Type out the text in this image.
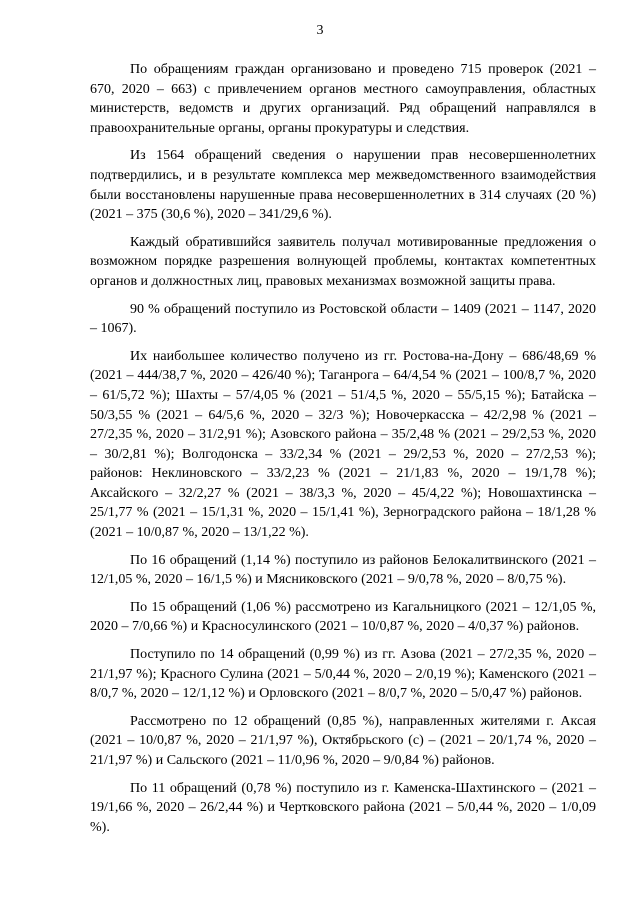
3

По обращениям граждан организовано и проведено 715 проверок (2021 – 670, 2020 – 663) с привлечением органов местного самоуправления, областных министерств, ведомств и других организаций. Ряд обращений направлялся в правоохранительные органы, органы прокуратуры и следствия.

Из 1564 обращений сведения о нарушении прав несовершеннолетних подтвердились, и в результате комплекса мер межведомственного взаимодействия были восстановлены нарушенные права несовершеннолетних в 314 случаях (20 %) (2021 – 375 (30,6 %), 2020 – 341/29,6 %).

Каждый обратившийся заявитель получал мотивированные предложения о возможном порядке разрешения волнующей проблемы, контактах компетентных органов и должностных лиц, правовых механизмах возможной защиты права.

90 % обращений поступило из Ростовской области – 1409 (2021 – 1147, 2020 – 1067).

Их наибольшее количество получено из гг. Ростова-на-Дону – 686/48,69 % (2021 – 444/38,7 %, 2020 – 426/40 %); Таганрога – 64/4,54 % (2021 – 100/8,7 %, 2020 – 61/5,72 %); Шахты – 57/4,05 % (2021 – 51/4,5 %, 2020 – 55/5,15 %); Батайска – 50/3,55 % (2021 – 64/5,6 %, 2020 – 32/3 %); Новочеркасска – 42/2,98 % (2021 – 27/2,35 %, 2020 – 31/2,91 %); Азовского района – 35/2,48 % (2021 – 29/2,53 %, 2020 – 30/2,81 %); Волгодонска – 33/2,34 % (2021 – 29/2,53 %, 2020 – 27/2,53 %); районов: Неклиновского – 33/2,23 % (2021 – 21/1,83 %, 2020 – 19/1,78 %); Аксайского – 32/2,27 % (2021 – 38/3,3 %, 2020 – 45/4,22 %); Новошахтинска – 25/1,77 % (2021 – 15/1,31 %, 2020 – 15/1,41 %), Зерноградского района – 18/1,28 % (2021 – 10/0,87 %, 2020 – 13/1,22 %).

По 16 обращений (1,14 %) поступило из районов Белокалитвинского (2021 – 12/1,05 %, 2020 – 16/1,5 %) и Мясниковского (2021 – 9/0,78 %, 2020 – 8/0,75 %).

По 15 обращений (1,06 %) рассмотрено из Кагальницкого (2021 – 12/1,05 %, 2020 – 7/0,66 %) и Красносулинского (2021 – 10/0,87 %, 2020 – 4/0,37 %) районов.

Поступило по 14 обращений (0,99 %) из гг. Азова (2021 – 27/2,35 %, 2020 – 21/1,97 %); Красного Сулина (2021 – 5/0,44 %, 2020 – 2/0,19 %); Каменского (2021 – 8/0,7 %, 2020 – 12/1,12 %) и Орловского (2021 – 8/0,7 %, 2020 – 5/0,47 %) районов.

Рассмотрено по 12 обращений (0,85 %), направленных жителями г. Аксая (2021 – 10/0,87 %, 2020 – 21/1,97 %), Октябрьского (с) – (2021 – 20/1,74 %, 2020 – 21/1,97 %) и Сальского (2021 – 11/0,96 %, 2020 – 9/0,84 %) районов.

По 11 обращений (0,78 %) поступило из г. Каменска-Шахтинского – (2021 – 19/1,66 %, 2020 – 26/2,44 %) и Чертковского района (2021 – 5/0,44 %, 2020 – 1/0,09 %).
